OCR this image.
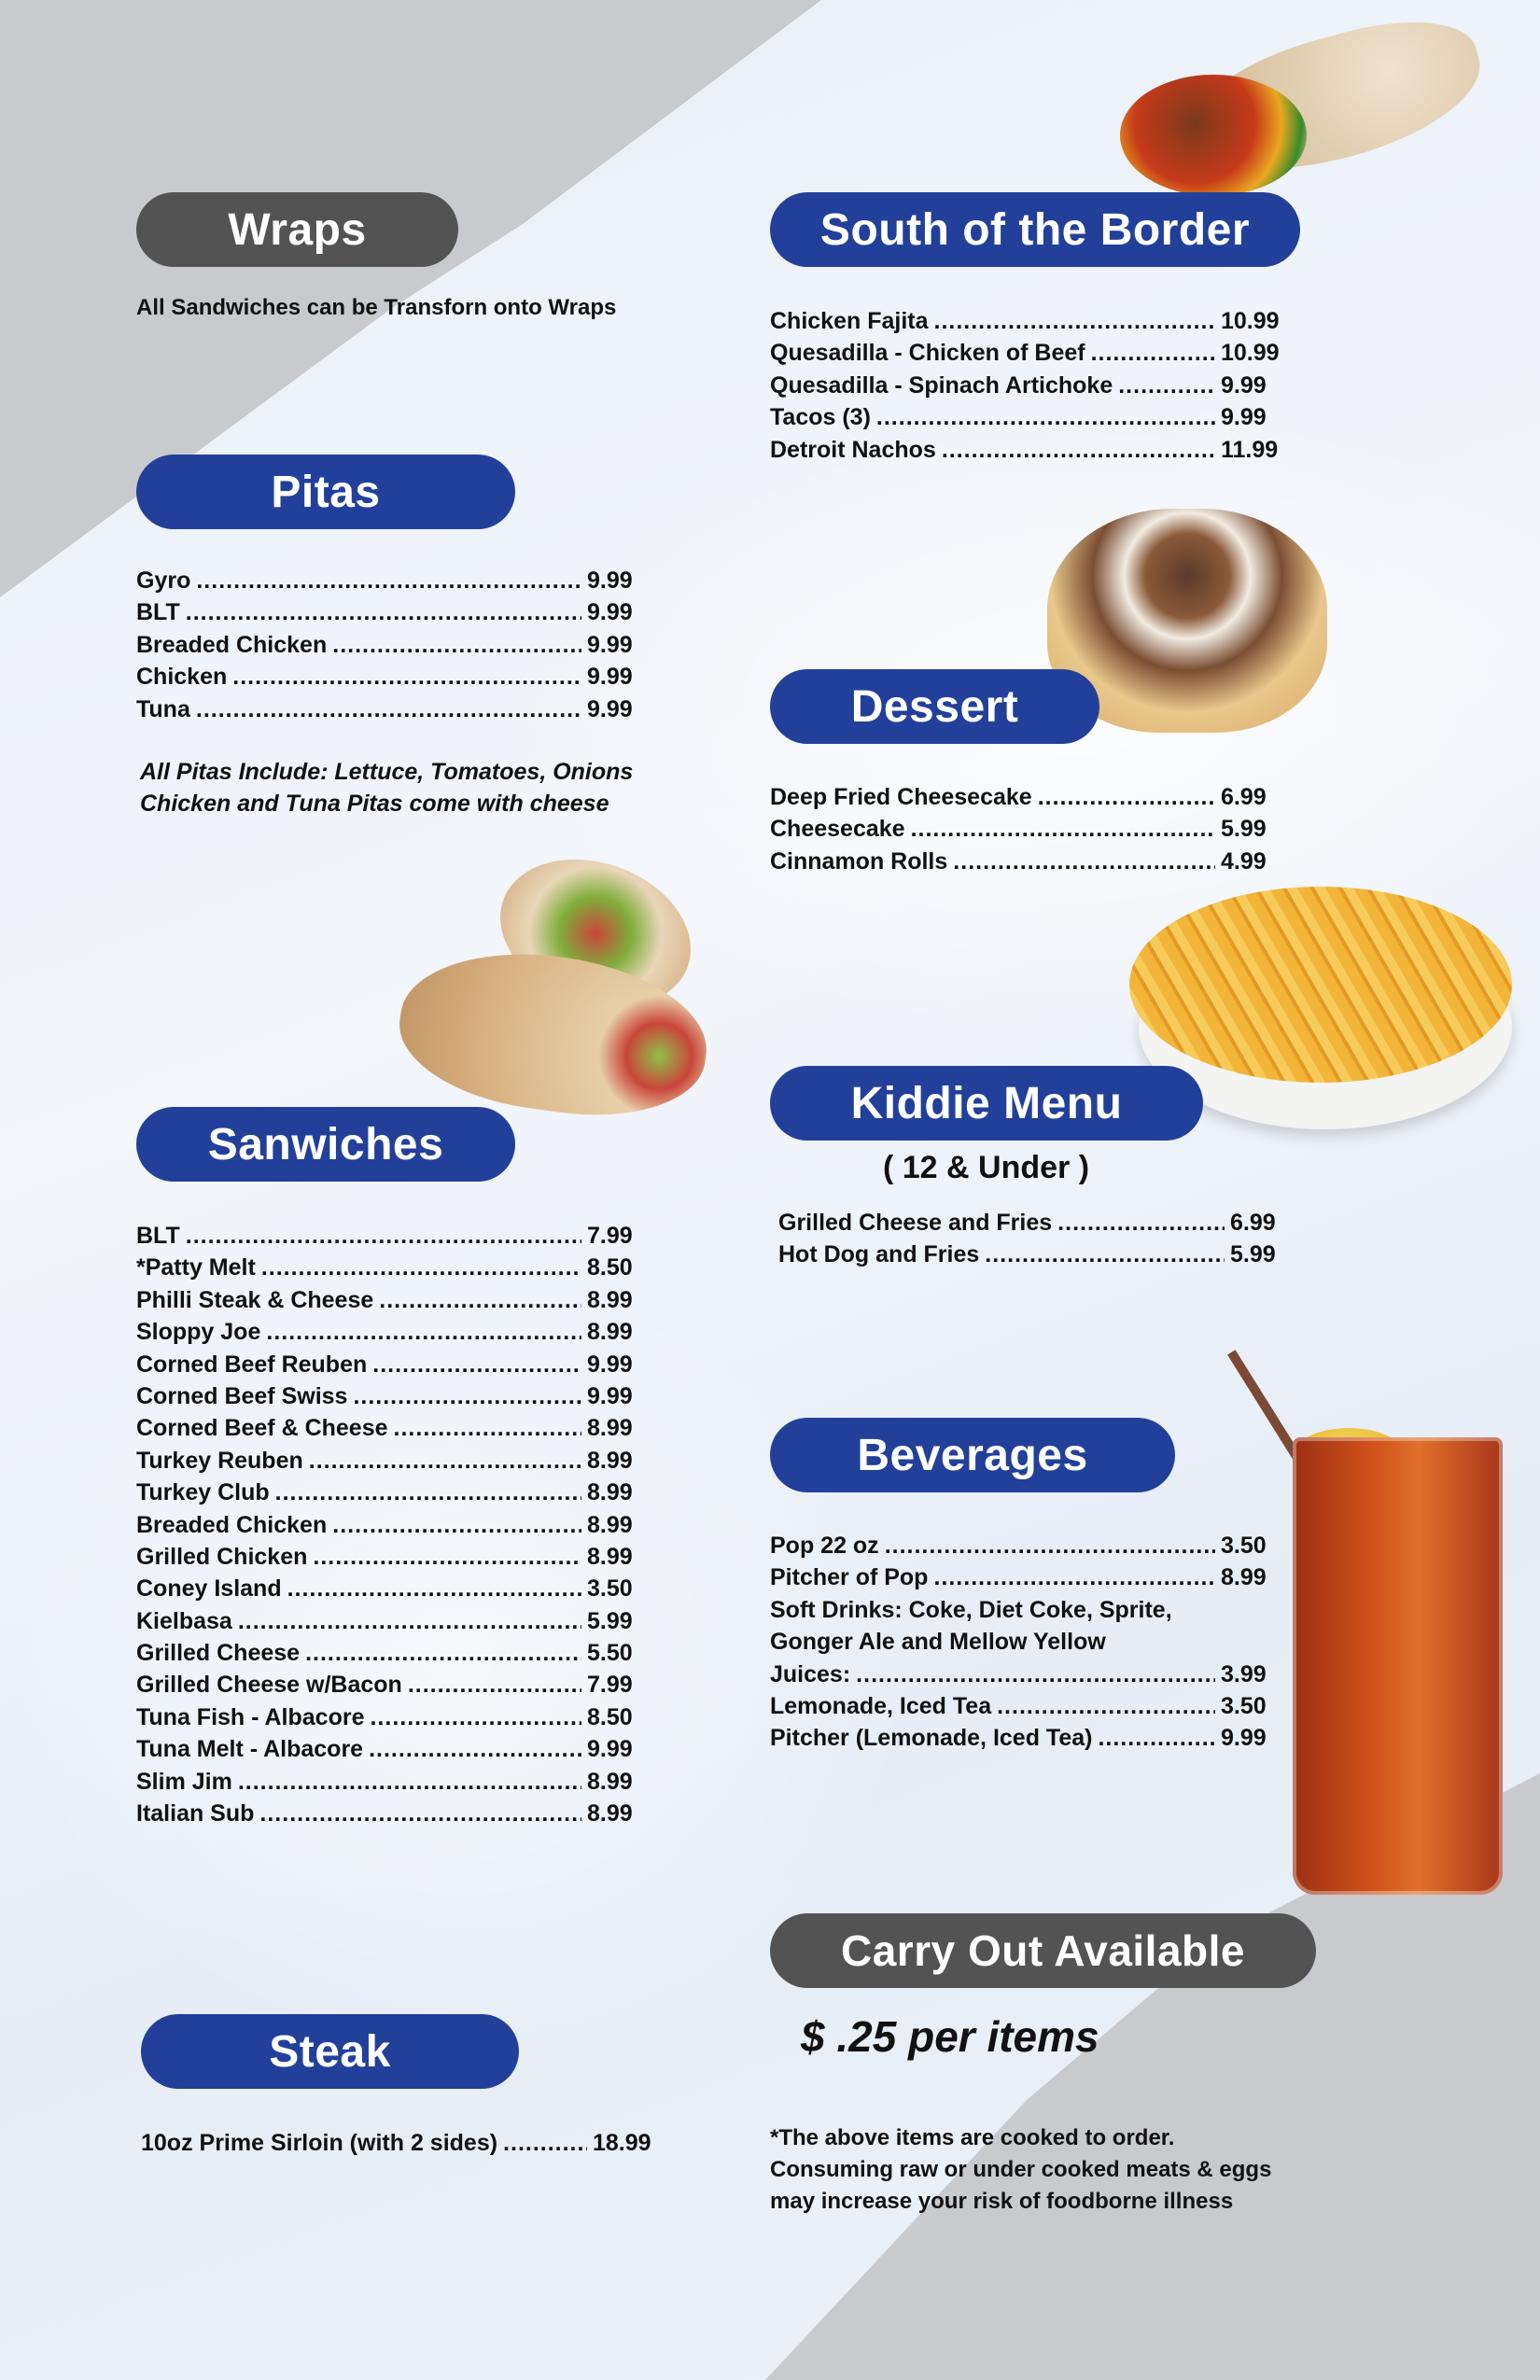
Wraps
All Sandwiches can be Transforn onto Wraps
Pitas
Gyro .....	9.99
BLT .....	9.99
Breaded Chicken .....	9.99
Chicken .....	9.99
Tuna .....	9.99
All Pitas Include: Lettuce, Tomatoes, Onions
Chicken and Tuna Pitas come with cheese
Sanwiches
BLT .....	7.99
*Patty Melt .....	8.50
Philli Steak & Cheese .....	8.99
Sloppy Joe .....	8.99
Corned Beef Reuben .....	9.99
Corned Beef Swiss .....	9.99
Corned Beef & Cheese .....	8.99
Turkey Reuben .....	8.99
Turkey Club .....	8.99
Breaded Chicken .....	8.99
Grilled Chicken .....	8.99
Coney Island .....	3.50
Kielbasa .....	5.99
Grilled Cheese .....	5.50
Grilled Cheese w/Bacon .....	7.99
Tuna Fish - Albacore .....	8.50
Tuna Melt - Albacore .....	9.99
Slim Jim .....	8.99
Italian Sub .....	8.99
Steak
10oz Prime Sirloin (with 2 sides) .....	18.99
South of the Border
Chicken Fajita .....	10.99
Quesadilla - Chicken of Beef .....	10.99
Quesadilla - Spinach Artichoke .....	9.99
Tacos (3) .....	9.99
Detroit Nachos .....	11.99
Dessert
Deep Fried Cheesecake .....	6.99
Cheesecake .....	5.99
Cinnamon Rolls .....	4.99
Kiddie Menu
( 12 & Under )
Grilled Cheese and Fries .....	6.99
Hot Dog and Fries .....	5.99
Beverages
Pop 22 oz .....	3.50
Pitcher of Pop .....	8.99
Soft Drinks: Coke, Diet Coke, Sprite,
Gonger Ale and Mellow Yellow
Juices: .....	3.99
Lemonade, Iced Tea .....	3.50
Pitcher (Lemonade, Iced Tea) .....	9.99
Carry Out Available
$ .25 per items
*The above items are cooked to order.
Consuming raw or under cooked meats & eggs
may increase your risk of foodborne illness
